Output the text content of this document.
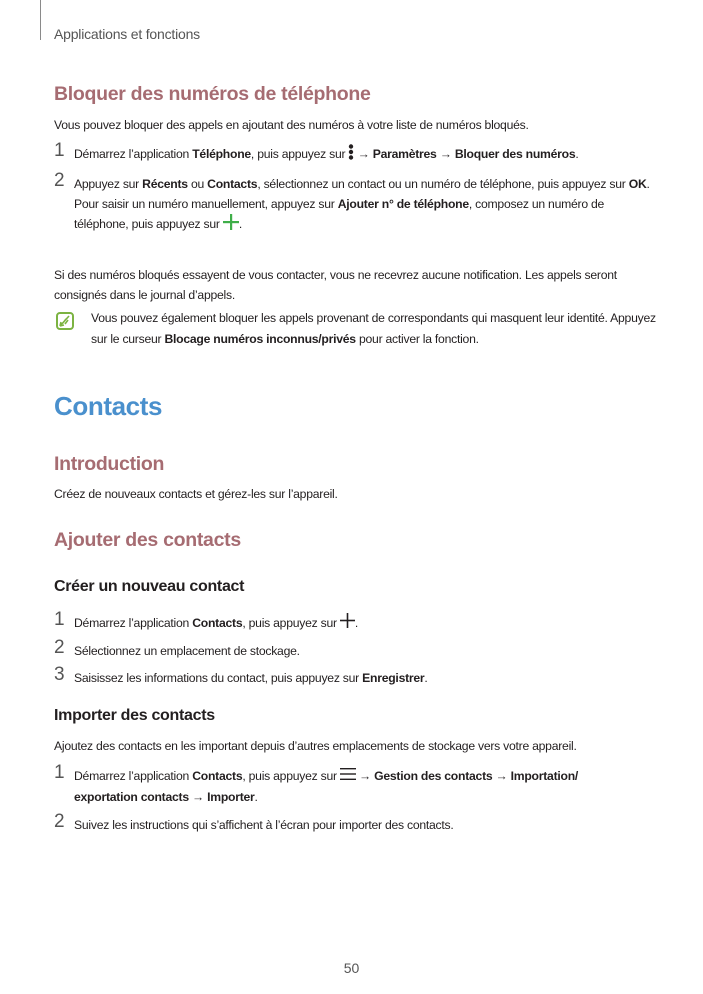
Applications et fonctions
Bloquer des numéros de téléphone
Vous pouvez bloquer des appels en ajoutant des numéros à votre liste de numéros bloqués.
1 Démarrez l’application Téléphone, puis appuyez sur  → Paramètres → Bloquer des numéros.
2 Appuyez sur Récents ou Contacts, sélectionnez un contact ou un numéro de téléphone, puis appuyez sur OK.
Pour saisir un numéro manuellement, appuyez sur Ajouter n° de téléphone, composez un numéro de téléphone, puis appuyez sur .
Si des numéros bloqués essayent de vous contacter, vous ne recevrez aucune notification. Les appels seront consignés dans le journal d’appels.
Vous pouvez également bloquer les appels provenant de correspondants qui masquent leur identité. Appuyez sur le curseur Blocage numéros inconnus/privés pour activer la fonction.
Contacts
Introduction
Créez de nouveaux contacts et gérez-les sur l’appareil.
Ajouter des contacts
Créer un nouveau contact
1 Démarrez l’application Contacts, puis appuyez sur .
2 Sélectionnez un emplacement de stockage.
3 Saisissez les informations du contact, puis appuyez sur Enregistrer.
Importer des contacts
Ajoutez des contacts en les important depuis d’autres emplacements de stockage vers votre appareil.
1 Démarrez l’application Contacts, puis appuyez sur  → Gestion des contacts → Importation/ exportation contacts → Importer.
2 Suivez les instructions qui s’affichent à l’écran pour importer des contacts.
50
